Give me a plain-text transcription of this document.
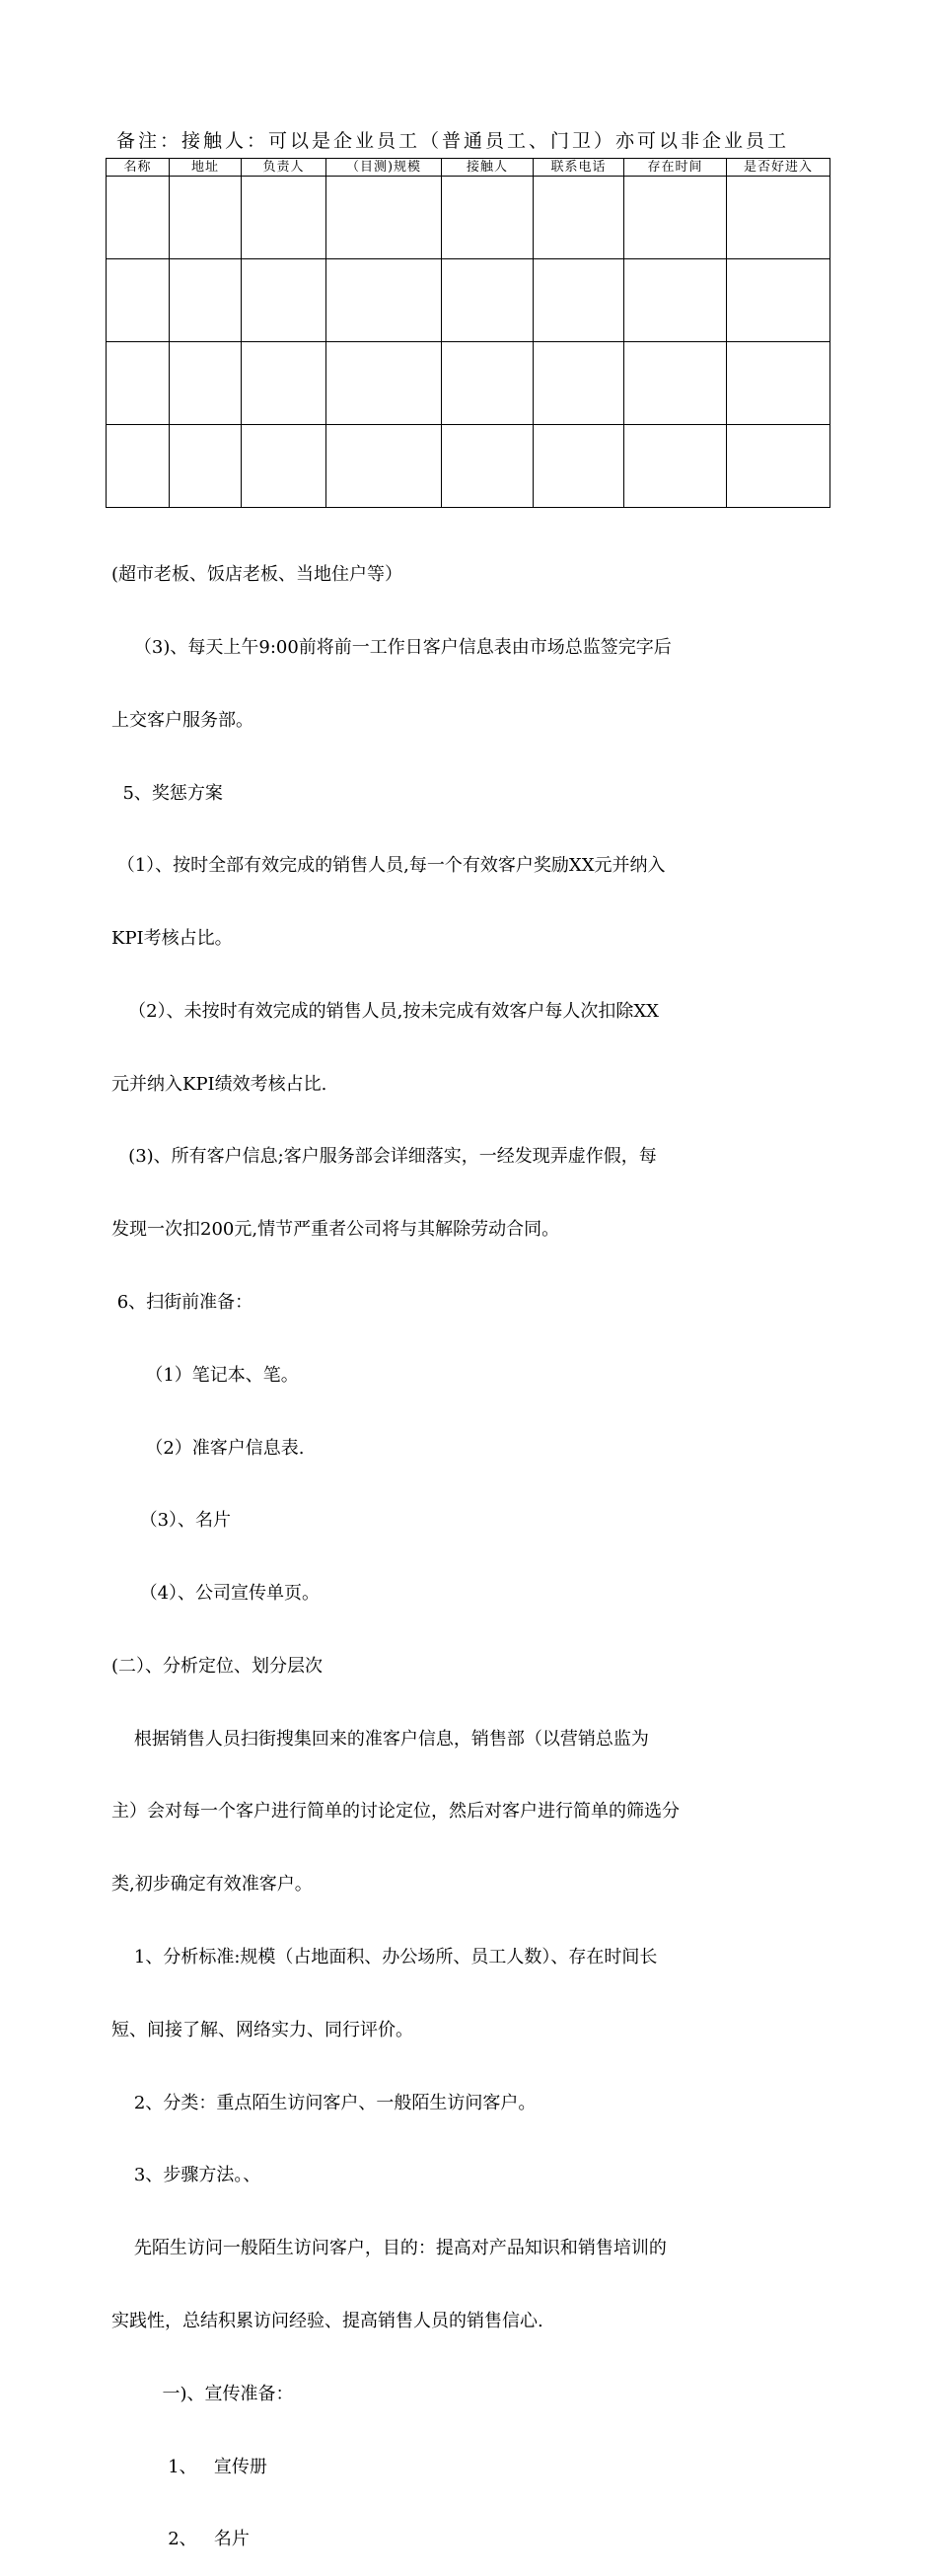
备注：接触人：可以是企业员工（普通员工、门卫）亦可以非企业员工
名称	地址	负责人	（目测)规模	接触人	联系电话	存在时间	是否好进入

(超市老板、饭店老板、当地住户等）

（3)、每天上午9:00前将前一工作日客户信息表由市场总监签完字后

上交客户服务部。

5、奖惩方案

（1）、按时全部有效完成的销售人员,每一个有效客户奖励XX元并纳入

KPI考核占比。

（2）、未按时有效完成的销售人员,按未完成有效客户每人次扣除XX

元并纳入KPI绩效考核占比.

(3)、所有客户信息;客户服务部会详细落实，一经发现弄虚作假，每

发现一次扣200元,情节严重者公司将与其解除劳动合同。

6、扫街前准备：

（1）笔记本、笔。

（2）准客户信息表.

（3）、名片

（4）、公司宣传单页。

(二）、分析定位、划分层次

根据销售人员扫街搜集回来的准客户信息，销售部（以营销总监为

主）会对每一个客户进行简单的讨论定位，然后对客户进行简单的筛选分

类,初步确定有效准客户。

1、分析标准:规模（占地面积、办公场所、员工人数）、存在时间长

短、间接了解、网络实力、同行评价。

2、分类：重点陌生访问客户、一般陌生访问客户。

3、步骤方法。、

先陌生访问一般陌生访问客户，目的：提高对产品知识和销售培训的

实践性，总结积累访问经验、提高销售人员的销售信心.

一)、宣传准备：

1、   宣传册

2、   名片
